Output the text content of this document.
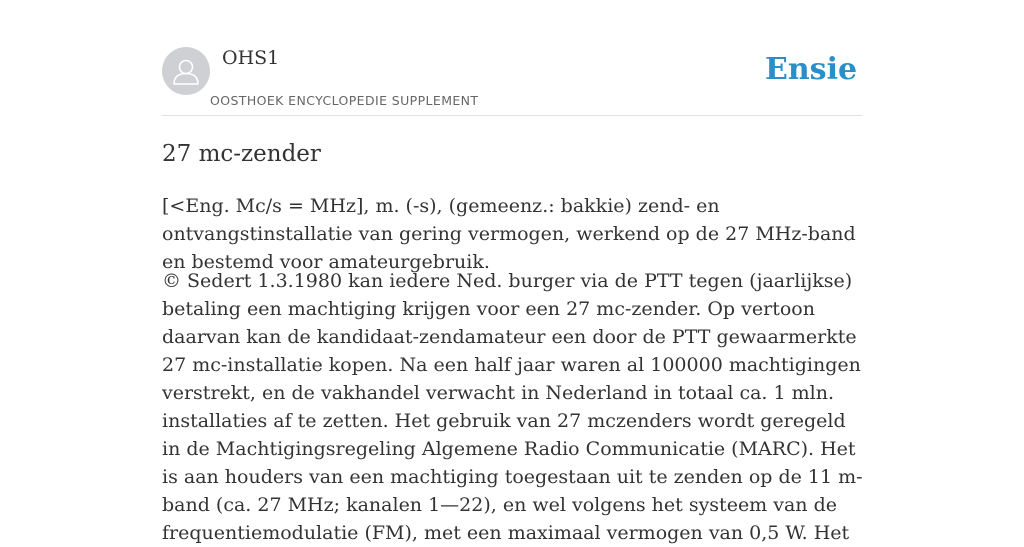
OHS1
OOSTHOEK ENCYCLOPEDIE SUPPLEMENT
Ensie
27 mc-zender

[<Eng. Mc/s = MHz], m. (-s), (gemeenz.: bakkie) zend- en ontvangstinstallatie van gering vermogen, werkend op de 27 MHz-band en bestemd voor amateurgebruik.

© Sedert 1.3.1980 kan iedere Ned. burger via de PTT tegen (jaarlijkse) betaling een machtiging krijgen voor een 27 mc-zender. Op vertoon daarvan kan de kandidaat-zendamateur een door de PTT gewaarmerkte 27 mc-installatie kopen. Na een half jaar waren al 100000 machtigingen verstrekt, en de vakhandel verwacht in Nederland in totaal ca. 1 mln. installaties af te zetten. Het gebruik van 27 mczenders wordt geregeld in de Machtigingsregeling Algemene Radio Communicatie (MARC). Het is aan houders van een machtiging toegestaan uit te zenden op de 11 m-band (ca. 27 MHz; kanalen 1—22), en wel volgens het systeem van de frequentiemodulatie (FM), met een maximaal vermogen van 0,5 W. Het
